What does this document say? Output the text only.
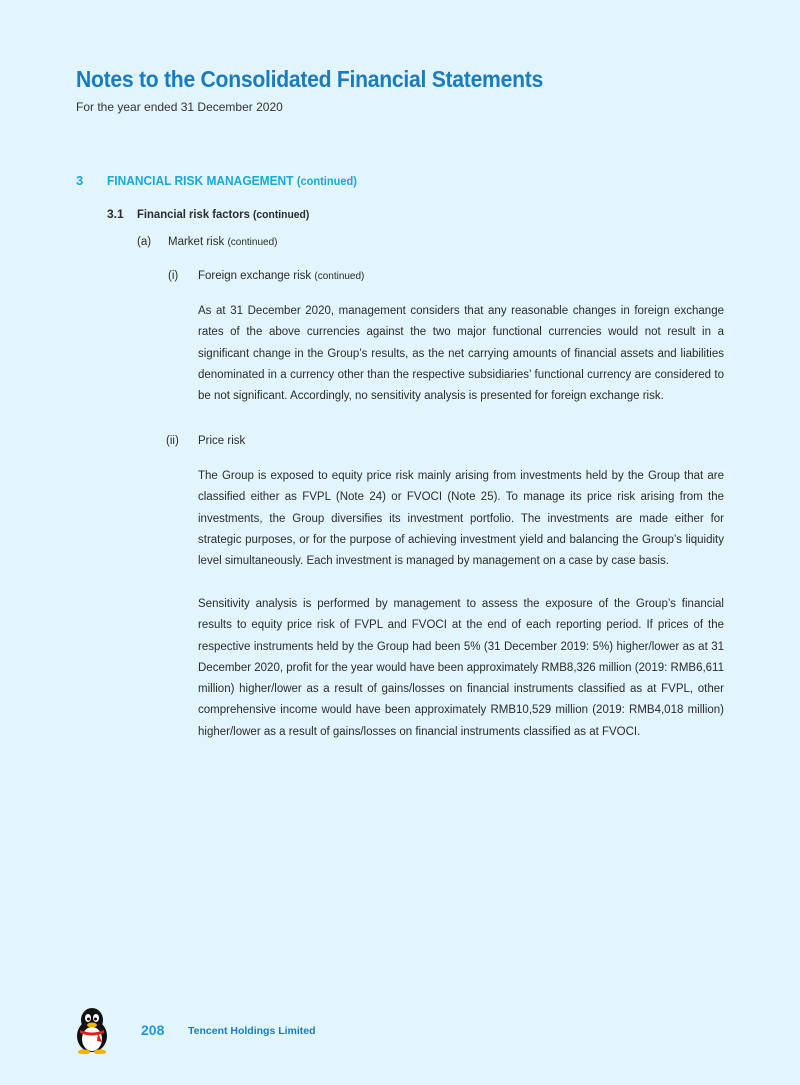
Notes to the Consolidated Financial Statements
For the year ended 31 December 2020
3 FINANCIAL RISK MANAGEMENT (continued)
3.1 Financial risk factors (continued)
(a) Market risk (continued)
(i) Foreign exchange risk (continued)

As at 31 December 2020, management considers that any reasonable changes in foreign exchange rates of the above currencies against the two major functional currencies would not result in a significant change in the Group’s results, as the net carrying amounts of financial assets and liabilities denominated in a currency other than the respective subsidiaries’ functional currency are considered to be not significant. Accordingly, no sensitivity analysis is presented for foreign exchange risk.

(ii) Price risk

The Group is exposed to equity price risk mainly arising from investments held by the Group that are classified either as FVPL (Note 24) or FVOCI (Note 25). To manage its price risk arising from the investments, the Group diversifies its investment portfolio. The investments are made either for strategic purposes, or for the purpose of achieving investment yield and balancing the Group’s liquidity level simultaneously. Each investment is managed by management on a case by case basis.

Sensitivity analysis is performed by management to assess the exposure of the Group’s financial results to equity price risk of FVPL and FVOCI at the end of each reporting period. If prices of the respective instruments held by the Group had been 5% (31 December 2019: 5%) higher/lower as at 31 December 2020, profit for the year would have been approximately RMB8,326 million (2019: RMB6,611 million) higher/lower as a result of gains/losses on financial instruments classified as at FVPL, other comprehensive income would have been approximately RMB10,529 million (2019: RMB4,018 million) higher/lower as a result of gains/losses on financial instruments classified as at FVOCI.

208 Tencent Holdings Limited
